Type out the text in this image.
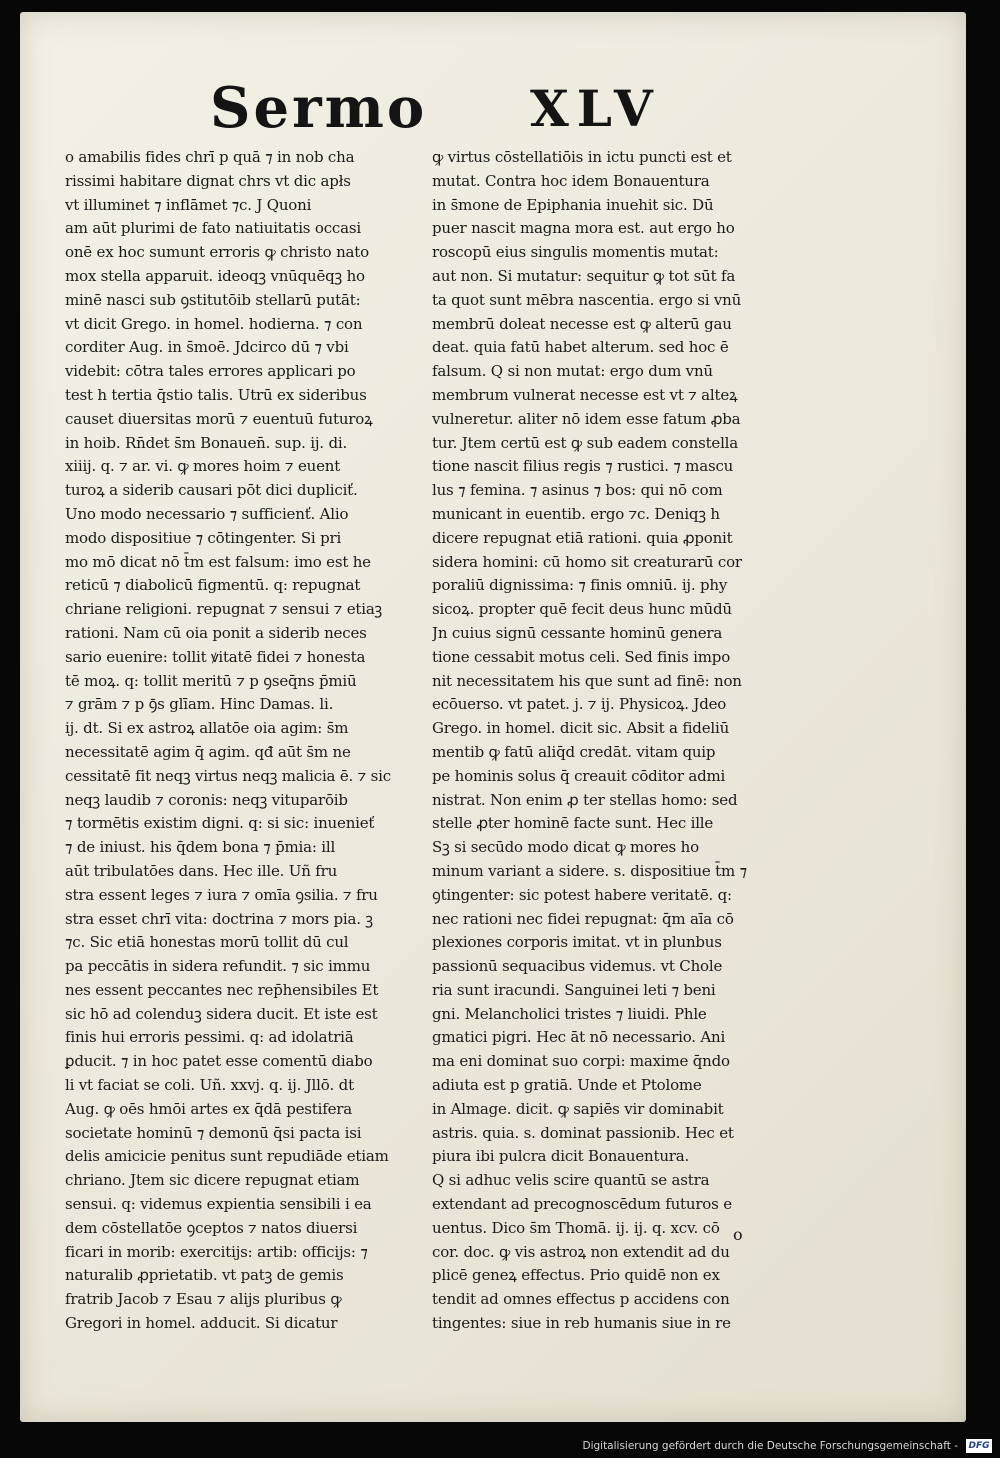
Sermo XLV
o amabilis fides chrī p quā ⁊ in nob cha
rissimi habitare dignat chrs vt dic apłs
vt illuminet ⁊ inflāmet ⁊c. J Quoni
am aūt plurimi de fato natiuitatis occasi
onē ex hoc sumunt erroris ꝙ christo nato
mox stella apparuit. ideoqꝫ vnūquēqꝫ ho
minē nasci sub ꝯstitutōib stellarū putāt:
vt dicit Grego. in homel. hodierna. ⁊ con
corditer Aug. in s̄moē. Jdcirco dū ⁊ vbi
videbit: cōtra tales errores applicari po
test h tertia q̄stio talis. Utrū ex sideribus
causet diuersitas morū ⁊ euentuū futuroꝝ
in hoib. Rn̄det s̄m Bonauen̄. sup. ij. di.
xiiij. q. ⁊ ar. vi. ꝙ mores hoim ⁊ euent
turoꝝ a siderib causari pōt dici dupliciť.
Uno modo necessario ⁊ sufficienť. Alio
modo dispositiue ⁊ cōtingenter. Si pri
mo mō dicat nō t̄m est falsum: imo est he
reticū ⁊ diabolicū figmentū. q: repugnat
chriane religioni. repugnat ⁊ sensui ⁊ etiaꝫ
rationi. Nam cū oia ponit a siderib neces
sario euenire: tollit ꝟitatē fidei ⁊ honesta
tē moꝝ. q: tollit meritū ⁊ p ꝯseq̄ns p̄miū
⁊ grām ⁊ p ꝯ̄s glīam. Hinc Damas. li.
ij. dt. Si ex astroꝝ allatōe oia agim: s̄m
necessitatē agim q̄ agim. qđ aūt s̄m ne
cessitatē fit neqꝫ virtus neqꝫ malicia ē. ⁊ sic
neqꝫ laudib ⁊ coronis: neqꝫ vituparōib
⁊ tormētis existim digni. q: si sic: inuenieť
⁊ de iniust. his q̄dem bona ⁊ p̄mia: ill
aūt tribulatōes dans. Hec ille. Uñ fru
stra essent leges ⁊ iura ⁊ omīa ꝯsilia. ⁊ fru
stra esset chrī vita: doctrina ⁊ mors pia. ꝫ
⁊c. Sic etiā honestas morū tollit dū cul
pa peccātis in sidera refundit. ⁊ sic immu
nes essent peccantes nec rep̄hensibiles Et
sic hō ad colenduꝫ sidera ducit. Et iste est
finis hui erroris pessimi. q: ad idolatriā
ꝑducit. ⁊ in hoc patet esse comentū diabo
li vt faciat se coli. Uñ. xxvj. q. ij. Jllō. dt
Aug. ꝙ oēs hmōi artes ex q̄dā pestifera
societate hominū ⁊ demonū q̄si pacta isi
delis amicicie penitus sunt repudiāde etiam
chriano. Jtem sic dicere repugnat etiam
sensui. q: videmus expientia sensibili i ea
dem cōstellatōe ꝯceptos ⁊ natos diuersi
ficari in morib: exercitijs: artib: officijs: ⁊
naturalib ꝓprietatib. vt patꝫ de gemis
fratrib Jacob ⁊ Esau ⁊ alijs pluribus ꝙ
Gregori in homel. adducit. Si dicatur
ꝙ virtus cōstellatiōis in ictu puncti est et
mutat. Contra hoc idem Bonauentura
in s̄mone de Epiphania inuehit sic. Dū
puer nascit magna mora est. aut ergo ho
roscopū eius singulis momentis mutat:
aut non. Si mutatur: sequitur ꝙ tot sūt fa
ta quot sunt mēbra nascentia. ergo si vnū
membrū doleat necesse est ꝙ alterū gau
deat. quia fatū habet alterum. sed hoc ē
falsum. Q si non mutat: ergo dum vnū
membrum vulnerat necesse est vt ⁊ alteꝝ
vulneretur. aliter nō idem esse fatum ꝓba
tur. Jtem certū est ꝙ sub eadem constella
tione nascit filius regis ⁊ rustici. ⁊ mascu
lus ⁊ femina. ⁊ asinus ⁊ bos: qui nō com
municant in euentib. ergo ⁊c. Deniqꝫ h
dicere repugnat etiā rationi. quia ꝓponit
sidera homini: cū homo sit creaturarū cor
poraliū dignissima: ⁊ finis omniū. ij. phy
sicoꝝ. propter quē fecit deus hunc mūdū
Jn cuius signū cessante hominū genera
tione cessabit motus celi. Sed finis impo
nit necessitatem his que sunt ad finē: non
ecōuerso. vt patet. j. ⁊ ij. Physicoꝝ. Jdeo
Grego. in homel. dicit sic. Absit a fideliū
mentib ꝙ fatū aliq̄d credāt. vitam quip
pe hominis solus q̄ creauit cōditor admi
nistrat. Non enim ꝓ ter stellas homo: sed
stelle ꝓter hominē facte sunt. Hec ille
Sꝫ si secūdo modo dicat ꝙ mores ho
minum variant a sidere. s. dispositiue t̄m ⁊
ꝯtingenter: sic potest habere veritatē. q:
nec rationi nec fidei repugnat: q̄m aīa cō
plexiones corporis imitat. vt in plunbus
passionū sequacibus videmus. vt Chole
ria sunt iracundi. Sanguinei leti ⁊ beni
gni. Melancholici tristes ⁊ liuidi. Phle
gmatici pigri. Hec āt nō necessario. Ani
ma eni dominat suo corpi: maxime q̄ndo
adiuta est p gratiā. Unde et Ptolome
in Almage. dicit. ꝙ sapiēs vir dominabit
astris. quia. s. dominat passionib. Hec et
piura ibi pulcra dicit Bonauentura.
Q si adhuc velis scire quantū se astra
extendant ad precognoscēdum futuros e
uentus. Dico s̄m Thomā. ij. ij. q. xcv. cō
cor. doc. ꝙ vis astroꝝ non extendit ad du
plicē geneꝝ effectus. Prio quidē non ex
tendit ad omnes effectus p accidens con
tingentes: siue in reb humanis siue in re
o
Digitalisierung gefördert durch die Deutsche Forschungsgemeinschaft - DFG
